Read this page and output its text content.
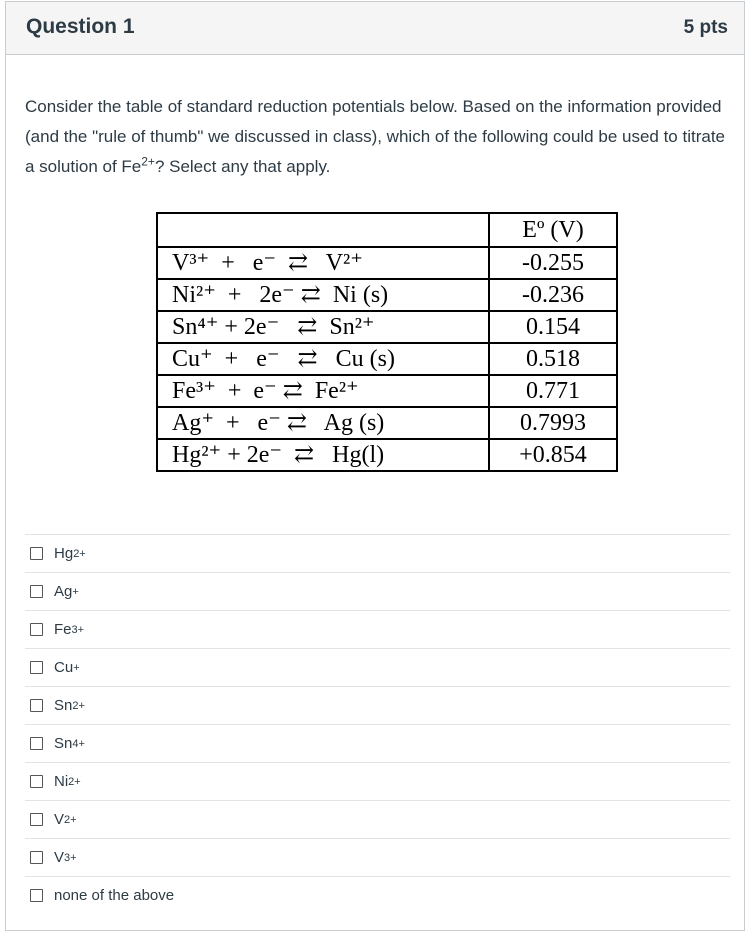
Question 1	5 pts
Consider the table of standard reduction potentials below. Based on the information provided (and the "rule of thumb" we discussed in class), which of the following could be used to titrate a solution of $Fe^{2+}$? Select any that apply.
	Eº (V)
V³⁺  +   e⁻  ⇄   V²⁺	-0.255
Ni²⁺  +   2e⁻ ⇄  Ni (s)	-0.236
Sn⁴⁺ + 2e⁻   ⇄  Sn²⁺	0.154
Cu⁺  +   e⁻   ⇄   Cu (s)	0.518
Fe³⁺  +  e⁻ ⇄  Fe²⁺	0.771
Ag⁺  +   e⁻ ⇄   Ag (s)	0.7993
Hg²⁺ + 2e⁻  ⇄   Hg(l)	+0.854
Hg 2+
Ag +
Fe 3+
Cu +
Sn 2+
Sn 4+
Ni 2+
V 2+
V 3+
none of the above
